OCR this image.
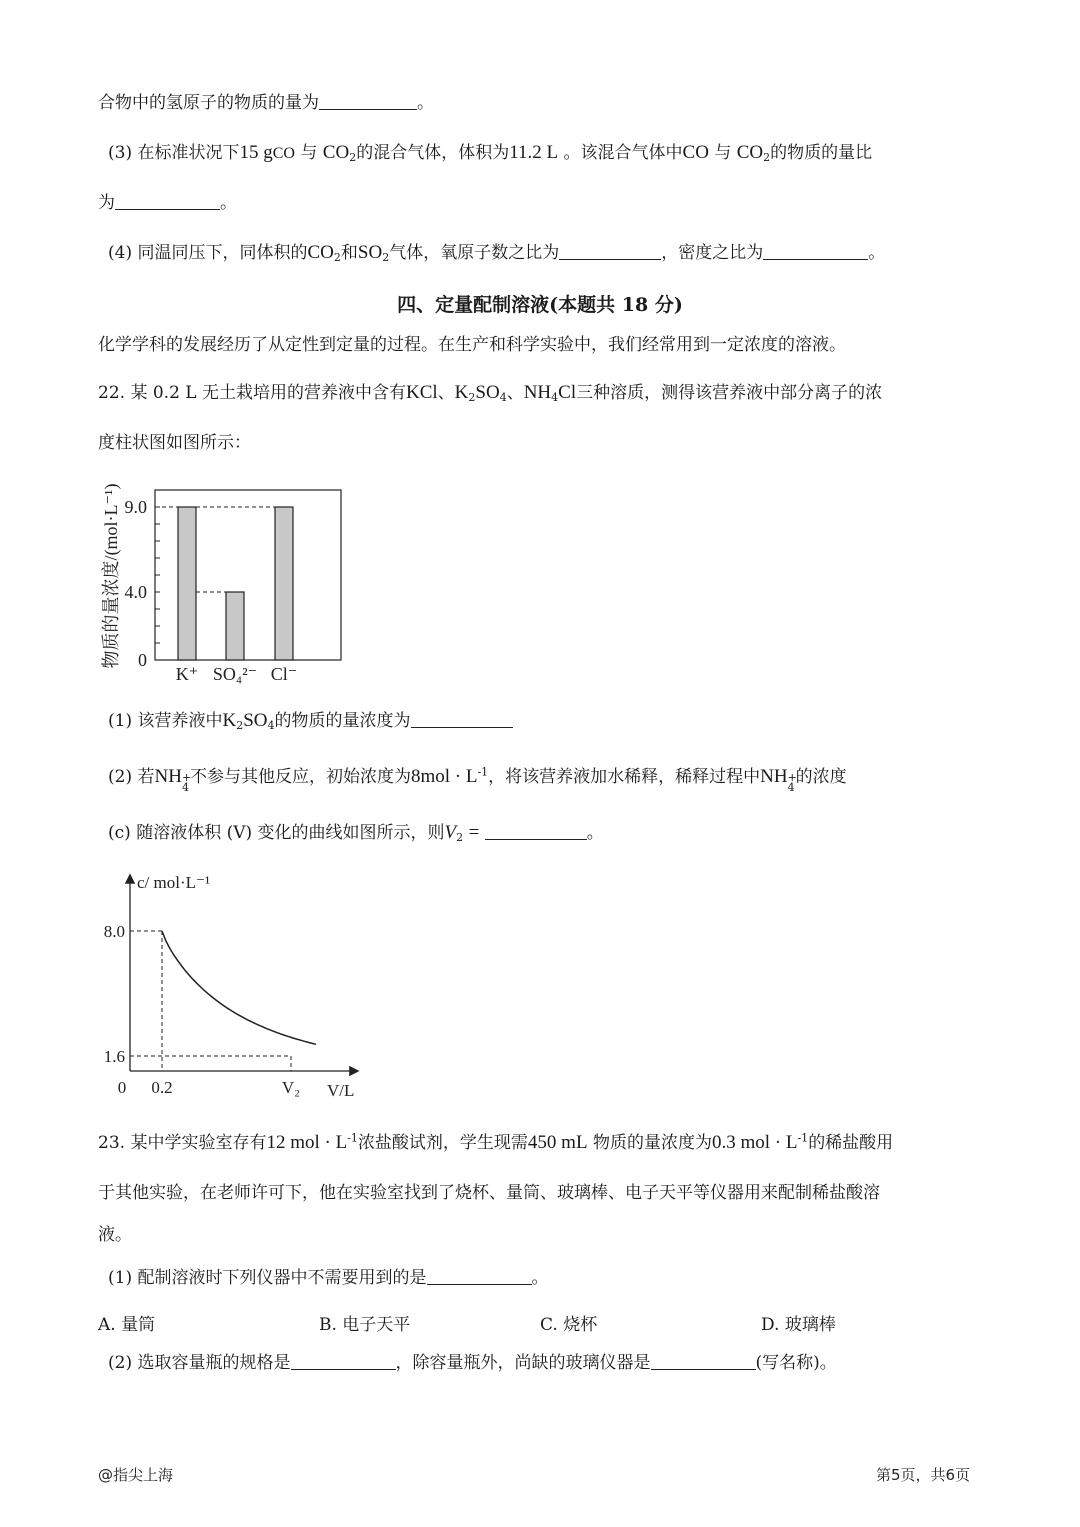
合物中的氢原子的物质的量为	。
(3) 在标准状况下15 gCO 与 $CO_2$的混合气体，体积为11.2 L 。该混合气体中CO 与 $CO_2$的物质的量比
为	。
(4) 同温同压下，同体积的$CO_2$和$SO_2$气体，氧原子数之比为	，密度之比为	。
四、定量配制溶液(本题共 18 分)
化学学科的发展经历了从定性到定量的过程。在生产和科学实验中，我们经常用到一定浓度的溶液。
22. 某 0.2 L 无土栽培用的营养液中含有KCl、$K_2SO_4$、$NH_4Cl$三种溶质，测得该营养液中部分离子的浓
度柱状图如图所示：
0
4.0
9.0
K⁺ SO₄²⁻ Cl⁻
物质的量浓度/(mol·L⁻¹)
(1) 该营养液中$K_2SO_4$的物质的量浓度为
(2) 若NH +
4
不参与其他反应，初始浓度为$8mol \cdot L^{-1}$，将该营养液加水稀释，稀释过程中NH +
4
的浓度
(c) 随溶液体积 (V) 变化的曲线如图所示，则$V_2$ =	。
8.0
1.6
0 0.2	V₂
c/ mol·L⁻¹
V/L
23. 某中学实验室存有12 mol · $L^{-1}$浓盐酸试剂，学生现需450 mL 物质的量浓度为0.3 mol · $L^{-1}$的稀盐酸用
于其他实验，在老师许可下，他在实验室找到了烧杯、量筒、玻璃棒、电子天平等仪器用来配制稀盐酸溶
液。
(1) 配制溶液时下列仪器中不需要用到的是	。
A. 量筒	B. 电子天平	C. 烧杯	D. 玻璃棒
(2) 选取容量瓶的规格是	，除容量瓶外，尚缺的玻璃仪器是	(写名称)。
@指尖上海	第5页，共6页
